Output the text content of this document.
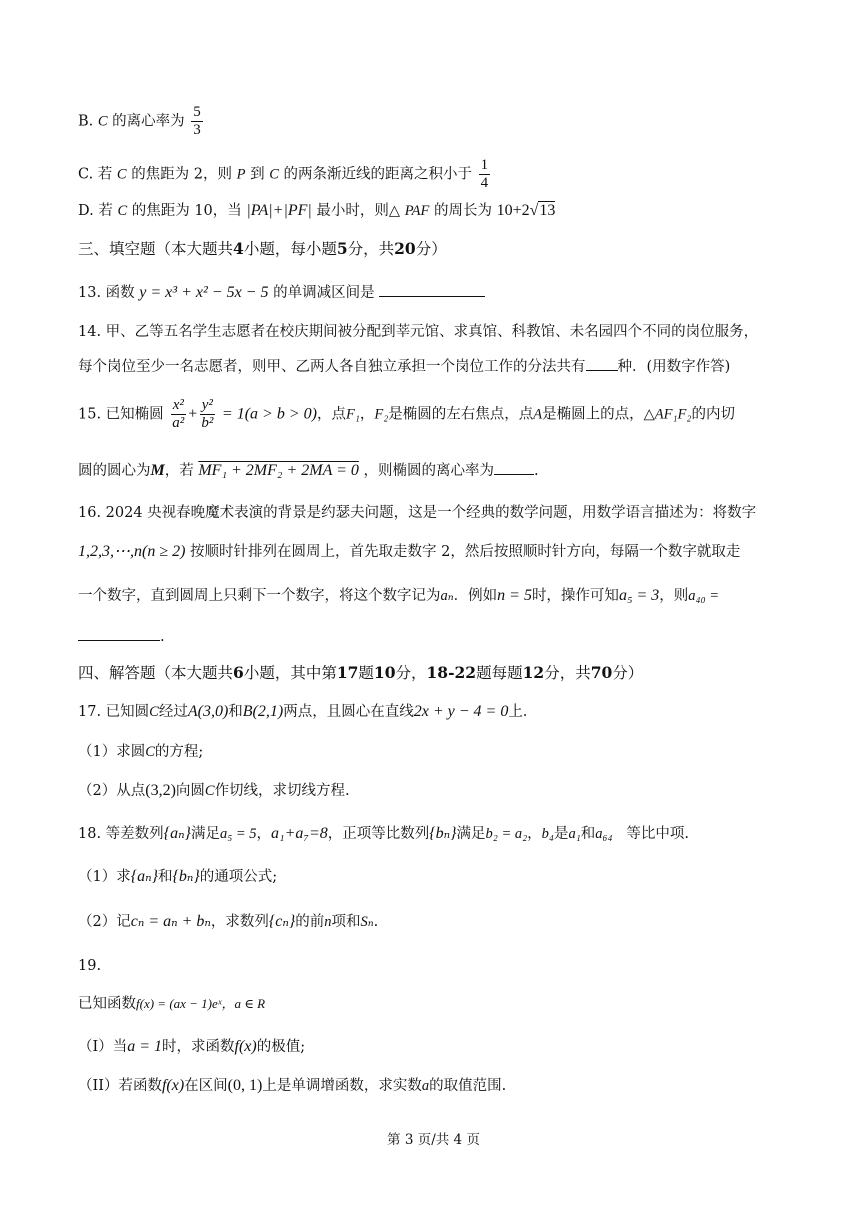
B. C 的离心率为 $\frac{5}{3}$
C. 若 C 的焦距为 2，则 P 到 C 的两条渐近线的距离之积小于 $\frac{1}{4}$
D. 若 C 的焦距为 10，当 |PA|+|PF| 最小时，则△ PAF 的周长为 10+2√13
三、填空题（本大题共4小题，每小题5分，共20分）
13. 函数 y = x³ + x² − 5x − 5 的单调减区间是
14. 甲、乙等五名学生志愿者在校庆期间被分配到莘元馆、求真馆、科教馆、未名园四个不同的岗位服务，
每个岗位至少一名志愿者，则甲、乙两人各自独立承担一个岗位工作的分法共有 种．(用数字作答)
15. 已知椭圆 $\frac{\text{x²}}{\text{a²}} + \frac{\text{y²}}{\text{b²}} = 1(a > b > 0)$，点F₁，F₂是椭圆的左右焦点，点A是椭圆上的点，△AF₁F₂的内切
圆的圆心为M，若 MF₁ + 2MF₂ + 2MA = 0 ，则椭圆的离心率为	.
16. 2024 央视春晚魔术表演的背景是约瑟夫问题，这是一个经典的数学问题，用数学语言描述为：将数字
1,2,3,⋯,n(n ≥ 2) 按顺时针排列在圆周上，首先取走数字 2，然后按照顺时针方向，每隔一个数字就取走
一个数字，直到圆周上只剩下一个数字，将这个数字记为aₙ．例如n = 5时，操作可知a₅ = 3，则a₄₀ =
.
四、解答题（本大题共6小题，其中第17题10分，18-22题每题12分，共70分）
17. 已知圆C经过A(3,0)和B(2,1)两点，且圆心在直线2x + y − 4 = 0上.
（1）求圆C的方程;
（2）从点(3,2)向圆C作切线，求切线方程.
18. 等差数列{aₙ}满足a₅ = 5，a₁+a₇=8，正项等比数列{bₙ}满足b₂ = a₂，b₄是a₁和a₆₄ 等比中项.
（1）求{aₙ}和{bₙ}的通项公式;
（2）记cₙ = aₙ + bₙ，求数列{cₙ}的前n项和Sₙ.
19.
已知函数f(x) = (ax − 1)eˣ，a ∈ R
（I）当a = 1时，求函数f(x)的极值;
（II）若函数f(x)在区间(0, 1)上是单调增函数，求实数a的取值范围.
第 3 页/共 4 页
